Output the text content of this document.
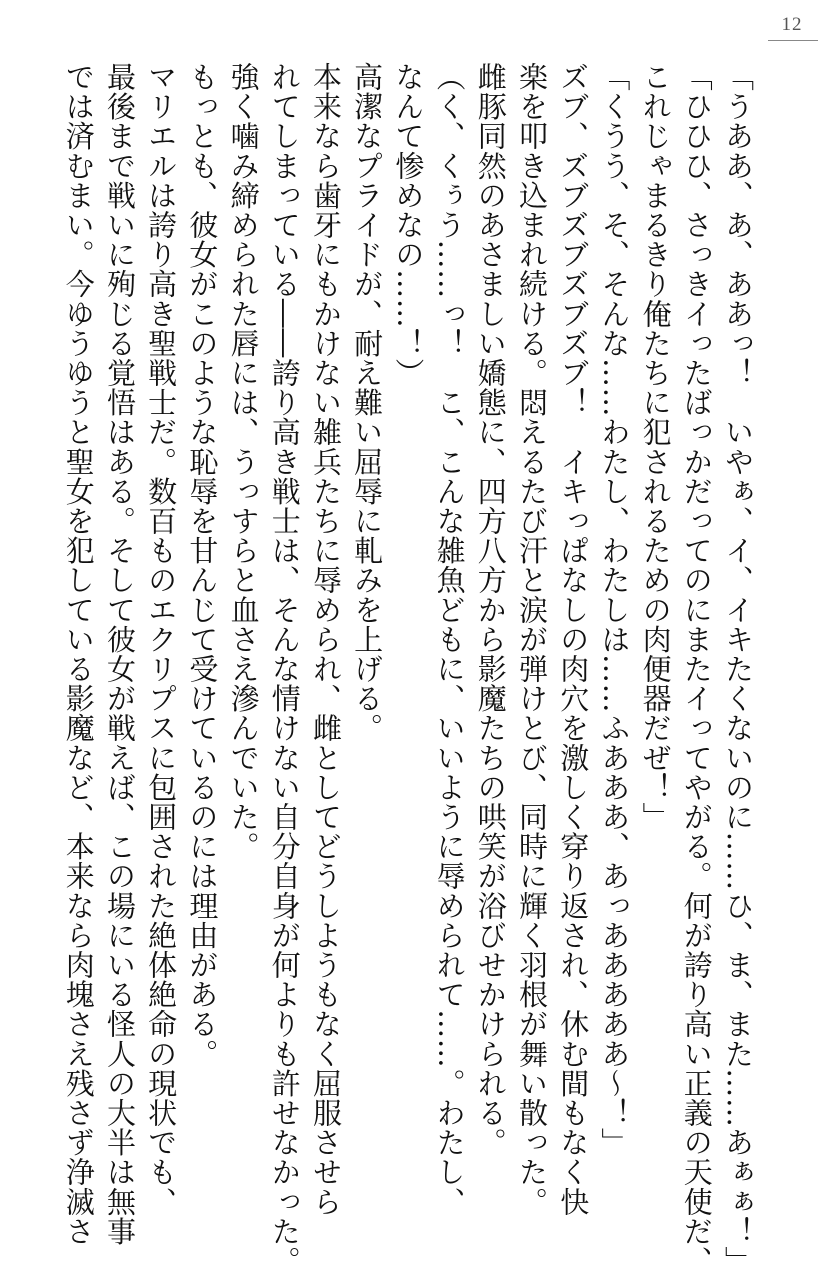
12
「うああ、あ、ああっ！　いやぁ、イ、イキたくないのに……ひ、ま、また……あぁぁ！」
「ひひひ、さっきイったばっかだってのにまたイってやがる。何が誇り高い正義の天使だ、
これじゃまるきり俺たちに犯されるための肉便器だぜ！」
「くうう、そ、そんな……わたし、わたしは……ふあああ、あっあああああ～！」
ズブ、ズブズブズブズブ！　イキっぱなしの肉穴を激しく穿り返され、休む間もなく快
楽を叩き込まれ続ける。悶えるたび汗と涙が弾けとび、同時に輝く羽根が舞い散った。
雌豚同然のあさましい嬌態に、四方八方から影魔たちの哄笑が浴びせかけられる。
（く、くぅう……っ！　こ、こんな雑魚どもに、いいように辱められて……。わたし、
なんて惨めなの……！）
高潔なプライドが、耐え難い屈辱に軋みを上げる。
本来なら歯牙にもかけない雑兵たちに辱められ、雌としてどうしようもなく屈服させら
れてしまっている――誇り高き戦士は、そんな情けない自分自身が何よりも許せなかった。
強く噛み締められた唇には、うっすらと血さえ滲んでいた。
もっとも、彼女がこのような恥辱を甘んじて受けているのには理由がある。
マリエルは誇り高き聖戦士だ。数百ものエクリプスに包囲された絶体絶命の現状でも、
最後まで戦いに殉じる覚悟はある。そして彼女が戦えば、この場にいる怪人の大半は無事
では済むまい。今ゆうゆうと聖女を犯している影魔など、本来なら肉塊さえ残さず浄滅さ
